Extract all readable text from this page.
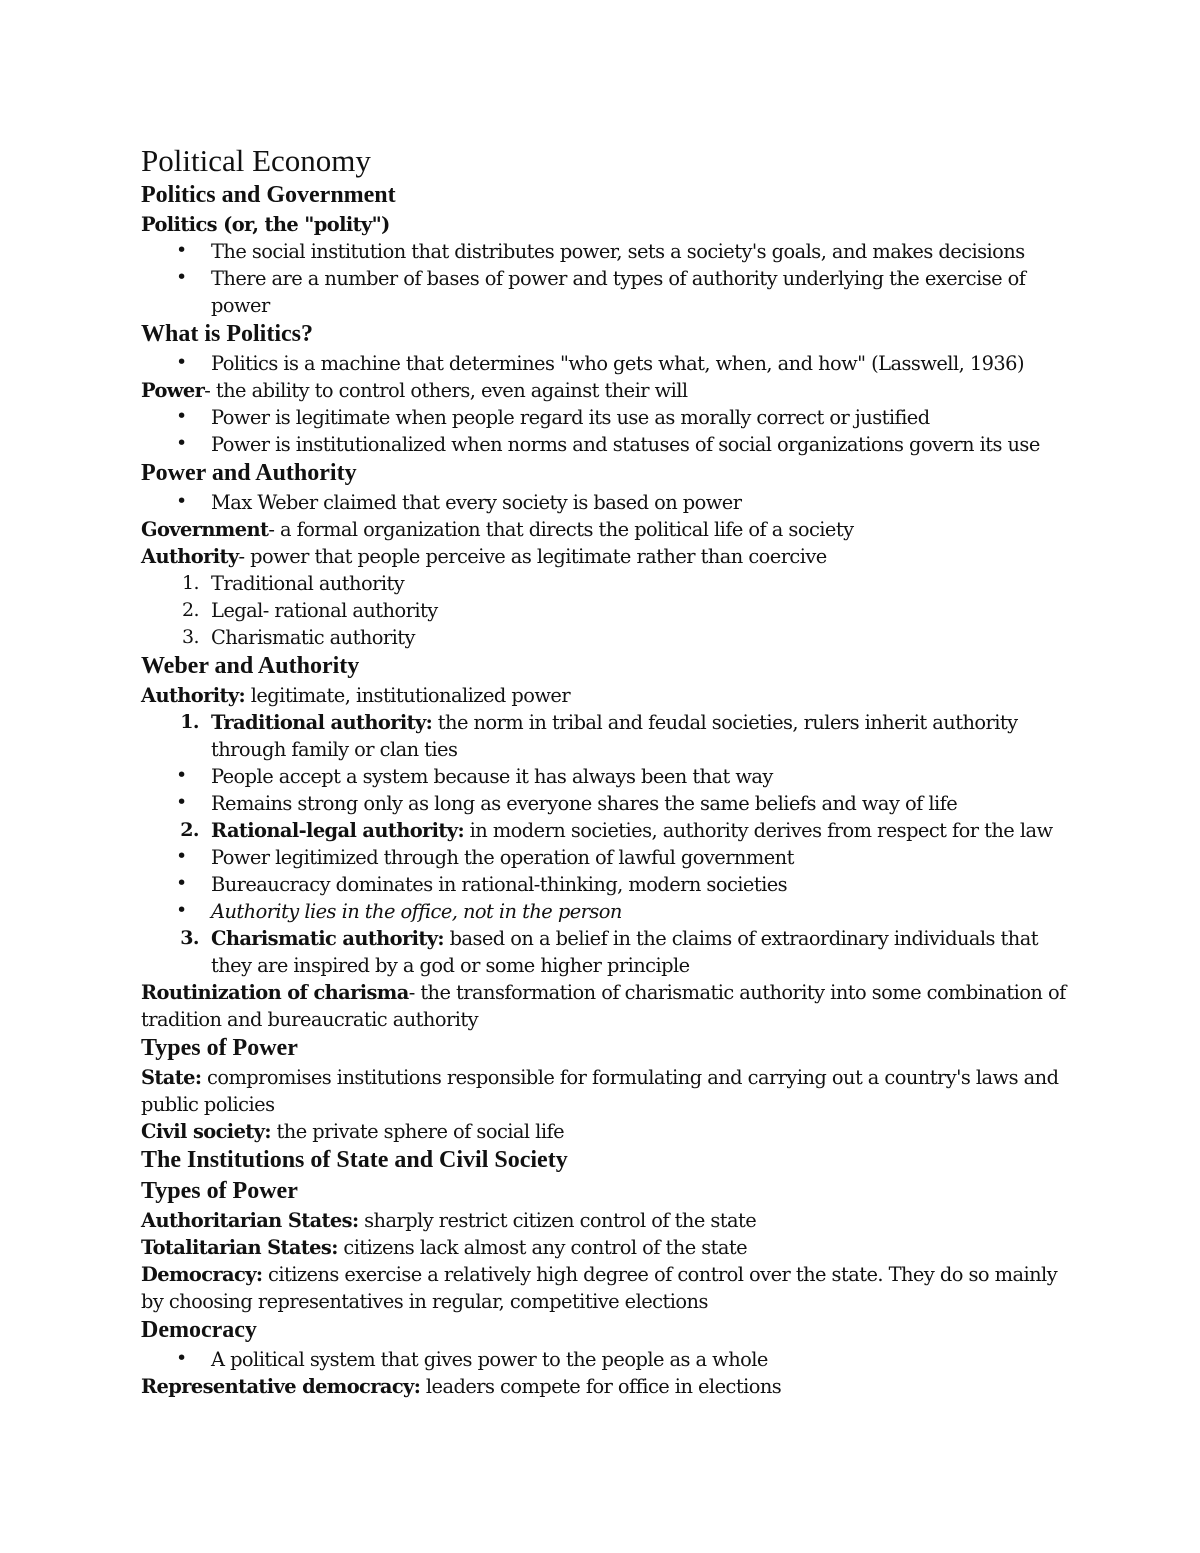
Political Economy
Politics and Government

Politics (or, the "polity")

• The social institution that distributes power, sets a society's goals, and makes decisions
• There are a number of bases of power and types of authority underlying the exercise of power
What is Politics?
• Politics is a machine that determines "who gets what, when, and how" (Lasswell, 1936)

Power- the ability to control others, even against their will

• Power is legitimate when people regard its use as morally correct or justified
• Power is institutionalized when norms and statuses of social organizations govern its use
Power and Authority
• Max Weber claimed that every society is based on power

Government- a formal organization that directs the political life of a society

Authority- power that people perceive as legitimate rather than coercive

1. Traditional authority
2. Legal- rational authority
3. Charismatic authority
Weber and Authority

Authority: legitimate, institutionalized power

1. Traditional authority: the norm in tribal and feudal societies, rulers inherit authority through family or clan ties
• People accept a system because it has always been that way
• Remains strong only as long as everyone shares the same beliefs and way of life
2. Rational-legal authority: in modern societies, authority derives from respect for the law
• Power legitimized through the operation of lawful government
• Bureaucracy dominates in rational-thinking, modern societies
• Authority lies in the office, not in the person
3. Charismatic authority: based on a belief in the claims of extraordinary individuals that they are inspired by a god or some higher principle

Routinization of charisma- the transformation of charismatic authority into some combination of tradition and bureaucratic authority

Types of Power

State: compromises institutions responsible for formulating and carrying out a country's laws and public policies

Civil society: the private sphere of social life

The Institutions of State and Civil Society
Types of Power

Authoritarian States: sharply restrict citizen control of the state

Totalitarian States: citizens lack almost any control of the state

Democracy: citizens exercise a relatively high degree of control over the state. They do so mainly by choosing representatives in regular, competitive elections

Democracy
• A political system that gives power to the people as a whole

Representative democracy: leaders compete for office in elections
